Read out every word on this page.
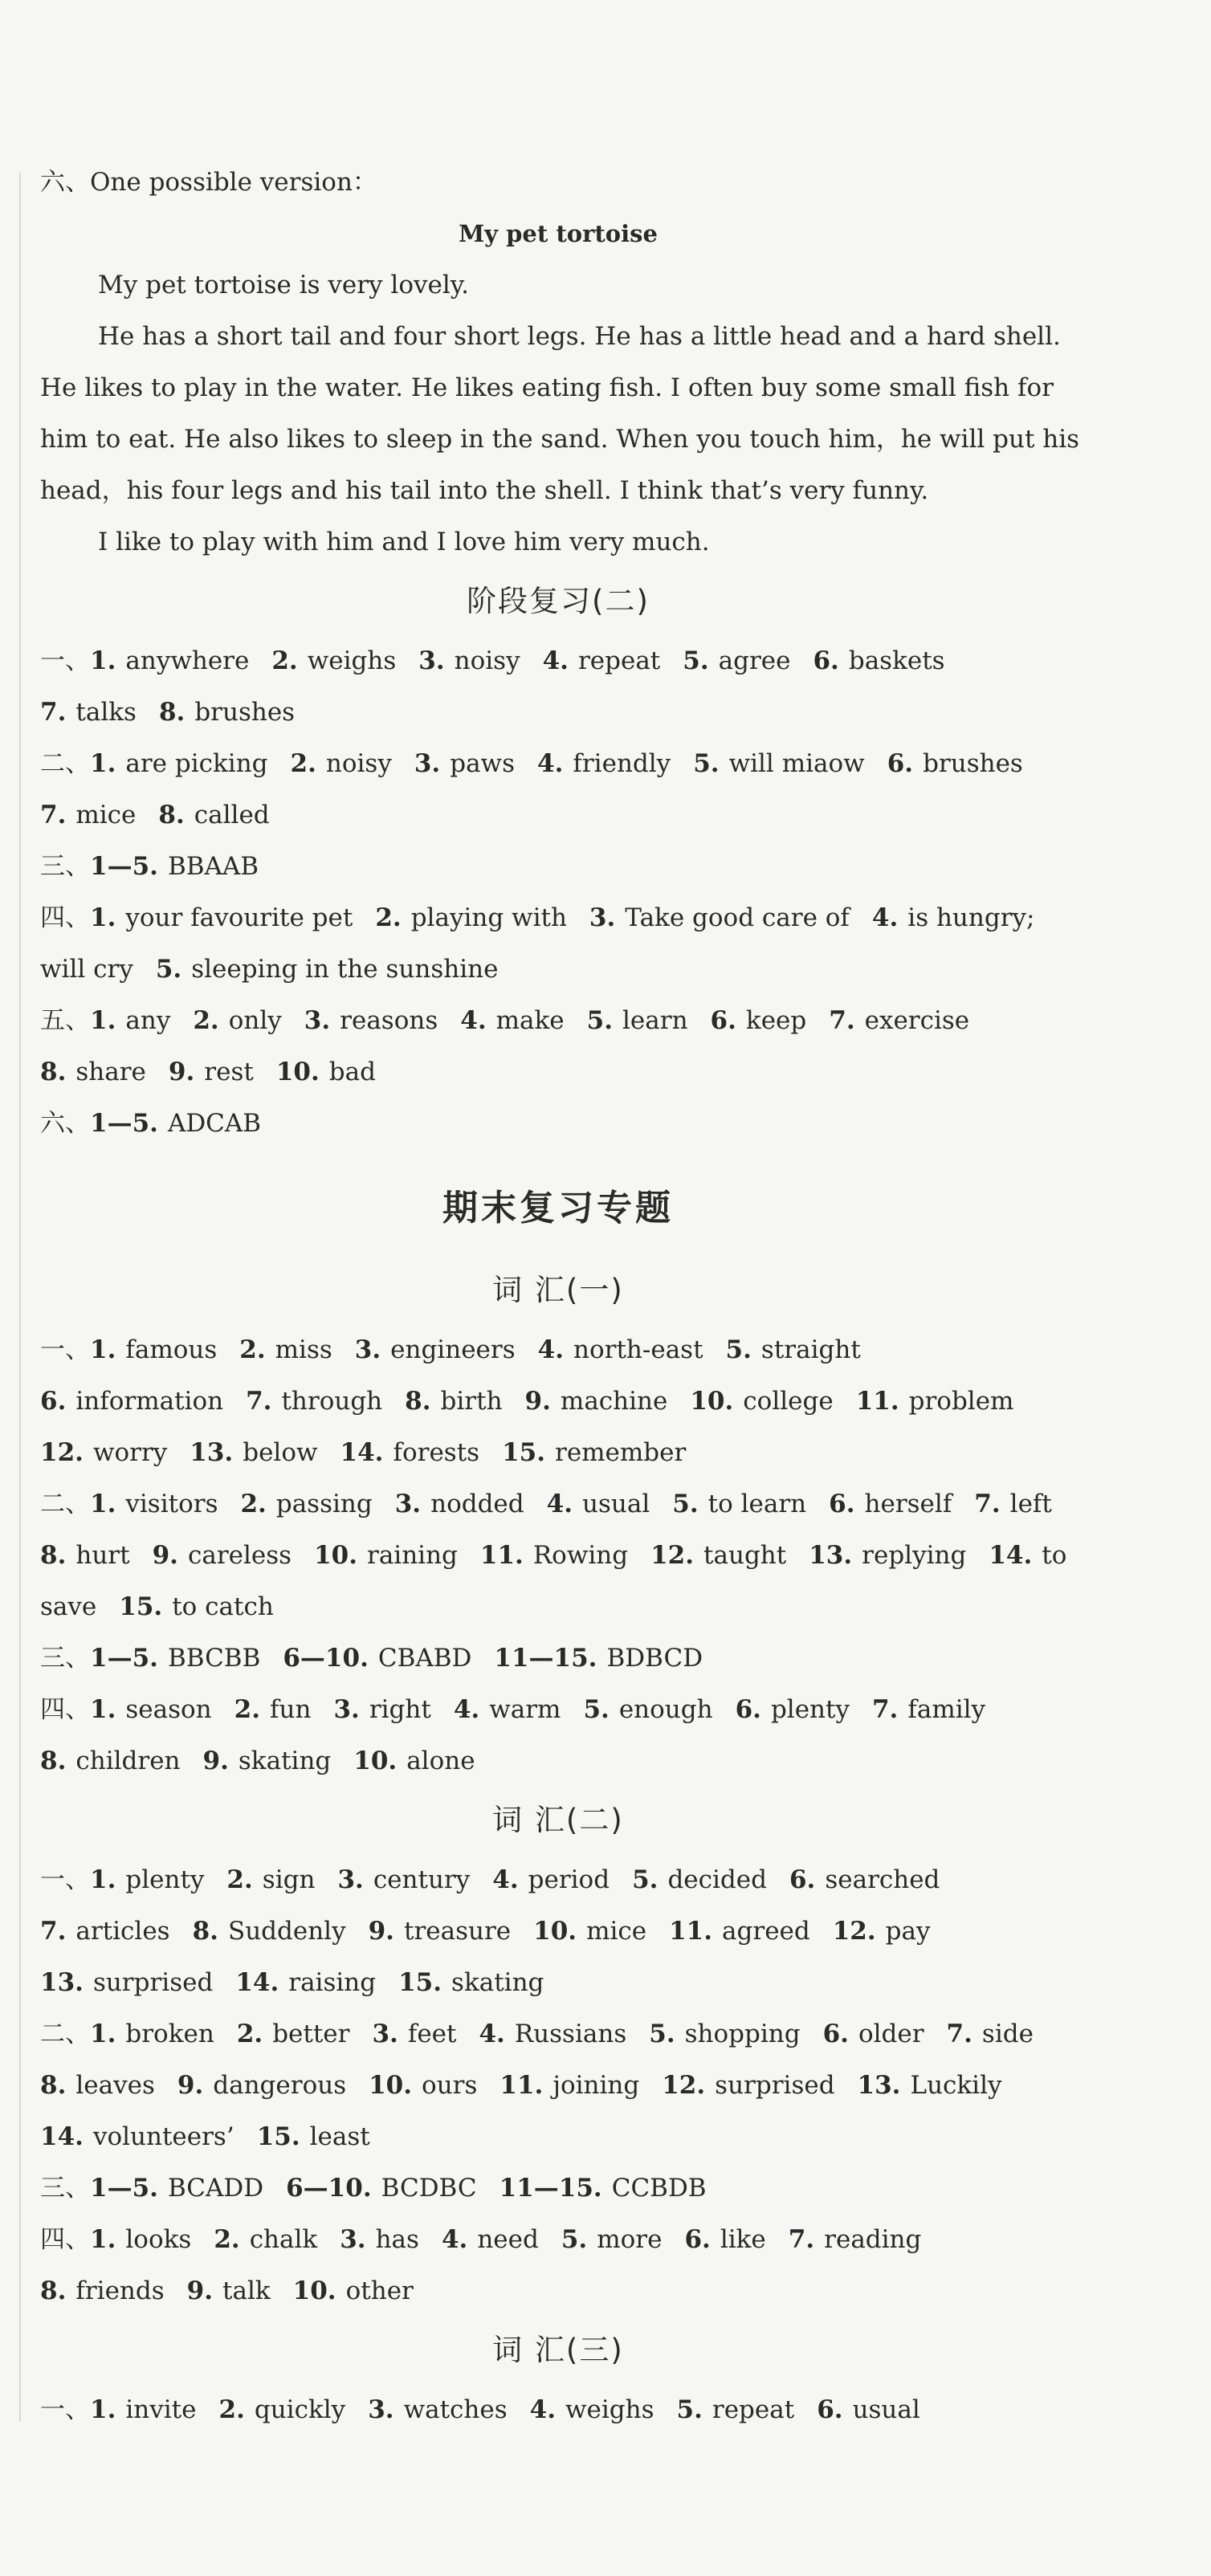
六、One possible version：
My pet tortoise
My pet tortoise is very lovely.
He has a short tail and four short legs. He has a little head and a hard shell.
He likes to play in the water. He likes eating fish. I often buy some small fish for
him to eat. He also likes to sleep in the sand. When you touch him，he will put his
head，his four legs and his tail into the shell. I think that’s very funny.
I like to play with him and I love him very much.
阶段复习(二)
一、1. anywhere 2. weighs 3. noisy 4. repeat 5. agree 6. baskets
7. talks 8. brushes
二、1. are picking 2. noisy 3. paws 4. friendly 5. will miaow 6. brushes
7. mice 8. called
三、1—5. BBAAB
四、1. your favourite pet 2. playing with 3. Take good care of 4. is hungry;
will cry 5. sleeping in the sunshine
五、1. any 2. only 3. reasons 4. make 5. learn 6. keep 7. exercise
8. share 9. rest 10. bad
六、1—5. ADCAB
期末复习专题
词 汇(一)
一、1. famous 2. miss 3. engineers 4. north-east 5. straight
6. information 7. through 8. birth 9. machine 10. college 11. problem
12. worry 13. below 14. forests 15. remember
二、1. visitors 2. passing 3. nodded 4. usual 5. to learn 6. herself 7. left
8. hurt 9. careless 10. raining 11. Rowing 12. taught 13. replying 14. to
save 15. to catch
三、1—5. BBCBB 6—10. CBABD 11—15. BDBCD
四、1. season 2. fun 3. right 4. warm 5. enough 6. plenty 7. family
8. children 9. skating 10. alone
词 汇(二)
一、1. plenty 2. sign 3. century 4. period 5. decided 6. searched
7. articles 8. Suddenly 9. treasure 10. mice 11. agreed 12. pay
13. surprised 14. raising 15. skating
二、1. broken 2. better 3. feet 4. Russians 5. shopping 6. older 7. side
8. leaves 9. dangerous 10. ours 11. joining 12. surprised 13. Luckily
14. volunteers’ 15. least
三、1—5. BCADD 6—10. BCDBC 11—15. CCBDB
四、1. looks 2. chalk 3. has 4. need 5. more 6. like 7. reading
8. friends 9. talk 10. other
词 汇(三)
一、1. invite 2. quickly 3. watches 4. weighs 5. repeat 6. usual
